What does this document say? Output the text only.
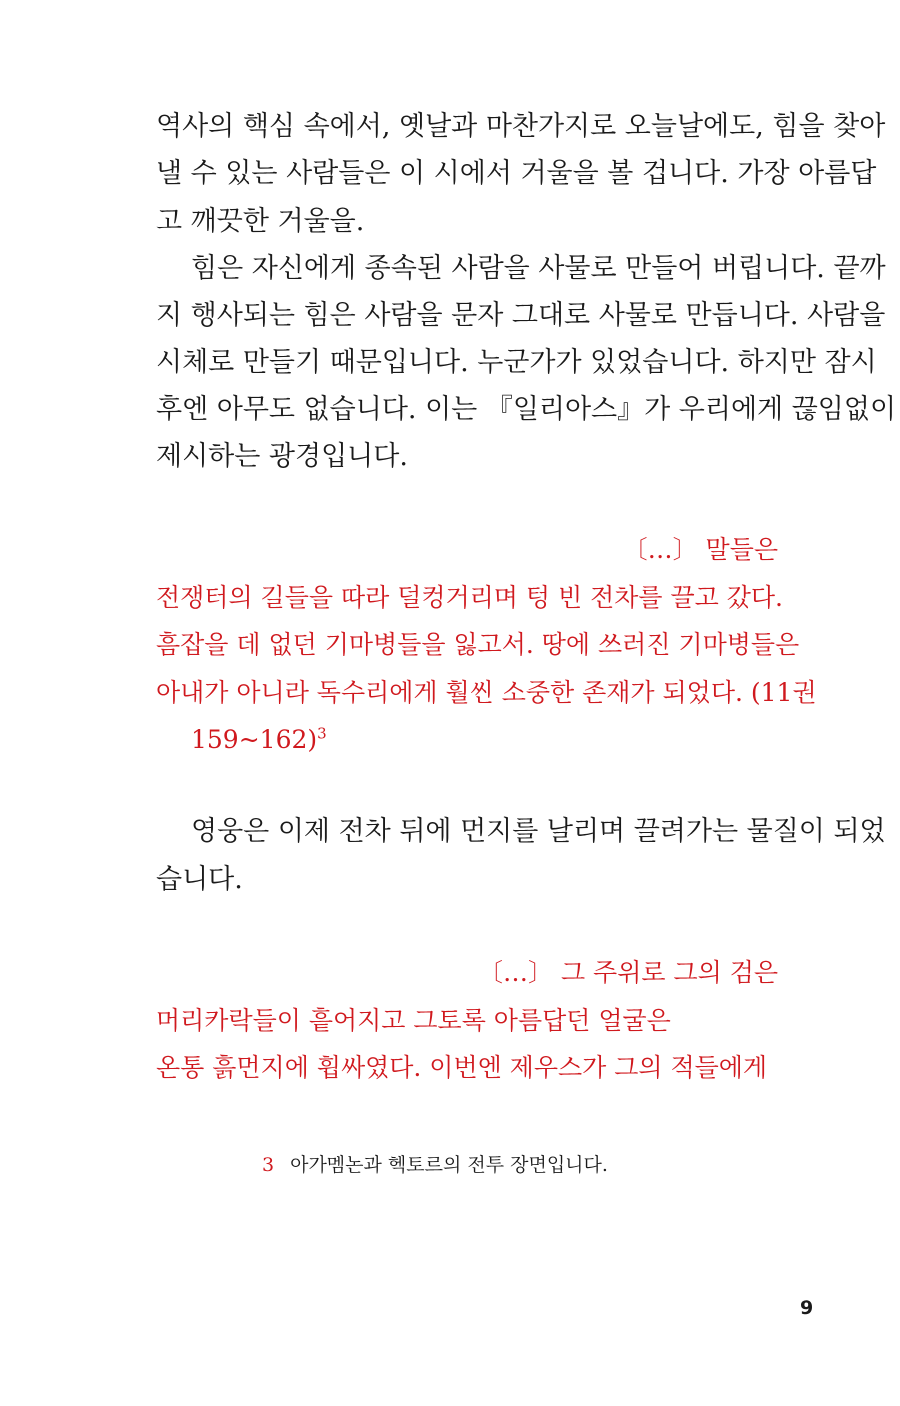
역사의 핵심 속에서, 옛날과 마찬가지로 오늘날에도, 힘을 찾아
낼 수 있는 사람들은 이 시에서 거울을 볼 겁니다. 가장 아름답
고 깨끗한 거울을.
힘은 자신에게 종속된 사람을 사물로 만들어 버립니다. 끝까
지 행사되는 힘은 사람을 문자 그대로 사물로 만듭니다. 사람을
시체로 만들기 때문입니다. 누군가가 있었습니다. 하지만 잠시
후엔 아무도 없습니다. 이는 『일리아스』가 우리에게 끊임없이
제시하는 광경입니다.
〔…〕 말들은
전쟁터의 길들을 따라 덜컹거리며 텅 빈 전차를 끌고 갔다.
흠잡을 데 없던 기마병들을 잃고서. 땅에 쓰러진 기마병들은
아내가 아니라 독수리에게 훨씬 소중한 존재가 되었다. (11권
159~162)$^3$
영웅은 이제 전차 뒤에 먼지를 날리며 끌려가는 물질이 되었
습니다.
〔…〕 그 주위로 그의 검은
머리카락들이 흩어지고 그토록 아름답던 얼굴은
온통 흙먼지에 휩싸였다. 이번엔 제우스가 그의 적들에게
3 아가멤논과 헥토르의 전투 장면입니다.
9
